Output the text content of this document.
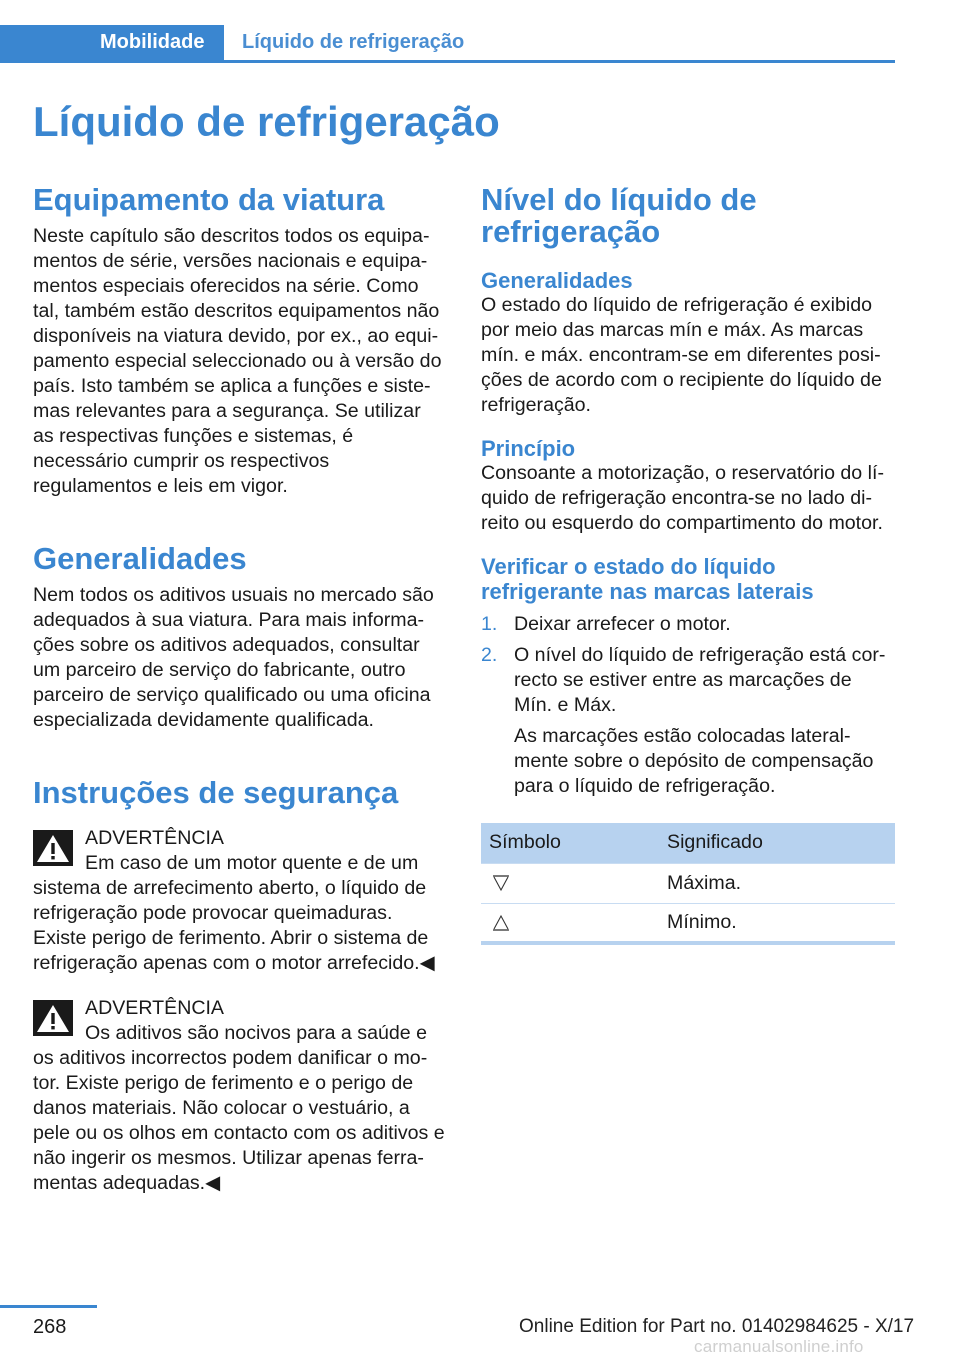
Mobilidade	Líquido de refrigeração
Líquido de refrigeração
Equipamento da viatura

Neste capítulo são descritos todos os equipamentos de série, versões nacionais e equipamentos especiais oferecidos na série. Como tal, também estão descritos equipamentos não disponíveis na viatura devido, por ex., ao equipamento especial seleccionado ou à versão do país. Isto também se aplica a funções e sistemas relevantes para a segurança. Se utilizar as respectivas funções e sistemas, é necessário cumprir os respectivos regulamentos e leis em vigor.

Generalidades

Nem todos os aditivos usuais no mercado são adequados à sua viatura. Para mais informações sobre os aditivos adequados, consultar um parceiro de serviço do fabricante, outro parceiro de serviço qualificado ou uma oficina especializada devidamente qualificada.

Instruções de segurança
ADVERTÊNCIA
Em caso de um motor quente e de um sistema de arrefecimento aberto, o líquido de refrigeração pode provocar queimaduras. Existe perigo de ferimento. Abrir o sistema de refrigeração apenas com o motor arrefecido.◀
ADVERTÊNCIA
Os aditivos são nocivos para a saúde e os aditivos incorrectos podem danificar o motor. Existe perigo de ferimento e o perigo de danos materiais. Não colocar o vestuário, a pele ou os olhos em contacto com os aditivos e não ingerir os mesmos. Utilizar apenas ferramentas adequadas.◀
Nível do líquido de refrigeração
Generalidades

O estado do líquido de refrigeração é exibido por meio das marcas mín e máx. As marcas mín. e máx. encontram-se em diferentes posições de acordo com o recipiente do líquido de refrigeração.

Princípio

Consoante a motorização, o reservatório do líquido de refrigeração encontra-se no lado direito ou esquerdo do compartimento do motor.

Verificar o estado do líquido refrigerante nas marcas laterais
1. Deixar arrefecer o motor.
2. O nível do líquido de refrigeração está correcto se estiver entre as marcações de Mín. e Máx.
As marcações estão colocadas lateralmente sobre o depósito de compensação para o líquido de refrigeração.
Símbolo	Significado
	Máxima.
	Mínimo.
268	Online Edition for Part no. 01402984625 - X/17
carmanualsonline.info
